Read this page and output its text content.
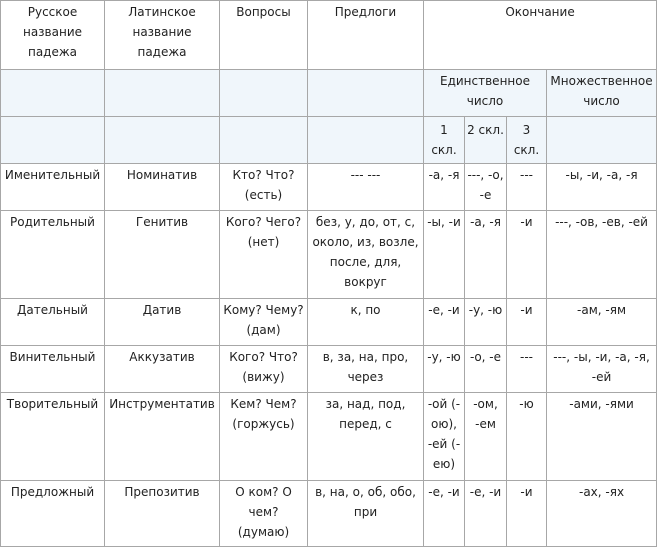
Русское название падежа	Латинское название падежа	Вопросы	Предлоги	Окончание			
				Единственное число			Множественное число
				1 скл.	2 скл.	3 скл.	
Именительный	Номинатив	Кто? Что? (есть)	--- ---	-а, -я	---, -о, -е	---	-ы, -и, -а, -я
Родительный	Генитив	Кого? Чего? (нет)	без, у, до, от, с, около, из, возле, после, для, вокруг	-ы, -и	-а, -я	-и	---, -ов, -ев, -ей
Дательный	Датив	Кому? Чему? (дам)	к, по	-е, -и	-у, -ю	-и	-ам, -ям
Винительный	Аккузатив	Кого? Что? (вижу)	в, за, на, про, через	-у, -ю	-о, -е	---	---, -ы, -и, -а, -я, -ей
Творительный	Инструментатив	Кем? Чем? (горжусь)	за, над, под, перед, с	-ой (-ою), -ей (-ею)	-ом, -ем	-ю	-ами, -ями
Предложный	Препозитив	О ком? О чем? (думаю)	в, на, о, об, обо, при	-е, -и	-е, -и	-и	-ах, -ях
